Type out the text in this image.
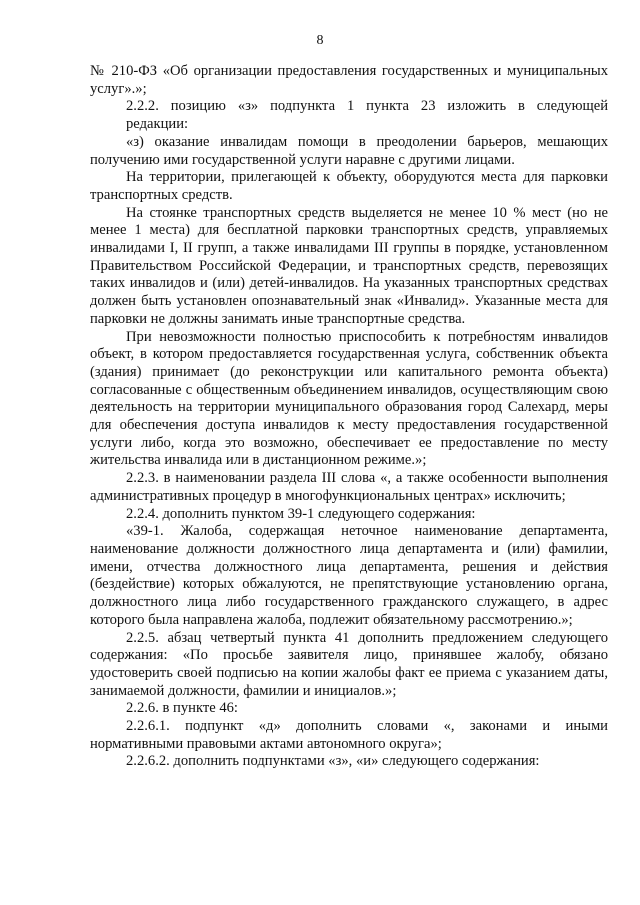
8

№ 210-ФЗ «Об организации предоставления государственных и муниципальных услуг».»;

2.2.2. позицию «з» подпункта 1 пункта 23 изложить в следующей

редакции:

«з) оказание инвалидам помощи в преодолении барьеров, мешающих получению ими государственной услуги наравне с другими лицами.

На территории, прилегающей к объекту, оборудуются места для парковки транспортных средств.

На стоянке транспортных средств выделяется не менее 10 % мест (но не менее 1 места) для бесплатной парковки транспортных средств, управляемых инвалидами I, II групп, а также инвалидами III группы в порядке, установленном Правительством Российской Федерации, и транспортных средств, перевозящих таких инвалидов и (или) детей-инвалидов. На указанных транспортных средствах должен быть установлен опознавательный знак «Инвалид». Указанные места для парковки не должны занимать иные транспортные средства.

При невозможности полностью приспособить к потребностям инвалидов объект, в котором предоставляется государственная услуга, собственник объекта (здания) принимает (до реконструкции или капитального ремонта объекта) согласованные с общественным объединением инвалидов, осуществляющим свою деятельность на территории муниципального образования город Салехард, меры для обеспечения доступа инвалидов к месту предоставления государственной услуги либо, когда это возможно, обеспечивает ее предоставление по месту жительства инвалида или в дистанционном режиме.»;

2.2.3. в наименовании раздела III слова «, а также особенности выполнения административных процедур в многофункциональных центрах» исключить;

2.2.4. дополнить пунктом 39-1 следующего содержания:

«39-1. Жалоба, содержащая неточное наименование департамента, наименование должности должностного лица департамента и (или) фамилии, имени, отчества должностного лица департамента, решения и действия (бездействие) которых обжалуются, не препятствующие установлению органа, должностного лица либо государственного гражданского служащего, в адрес которого была направлена жалоба, подлежит обязательному рассмотрению.»;

2.2.5. абзац четвертый пункта 41 дополнить предложением следующего содержания: «По просьбе заявителя лицо, принявшее жалобу, обязано удостоверить своей подписью на копии жалобы факт ее приема с указанием даты, занимаемой должности, фамилии и инициалов.»;

2.2.6. в пункте 46:

2.2.6.1. подпункт «д» дополнить словами «, законами и иными нормативными правовыми актами автономного округа»;

2.2.6.2. дополнить подпунктами «з», «и» следующего содержания:
